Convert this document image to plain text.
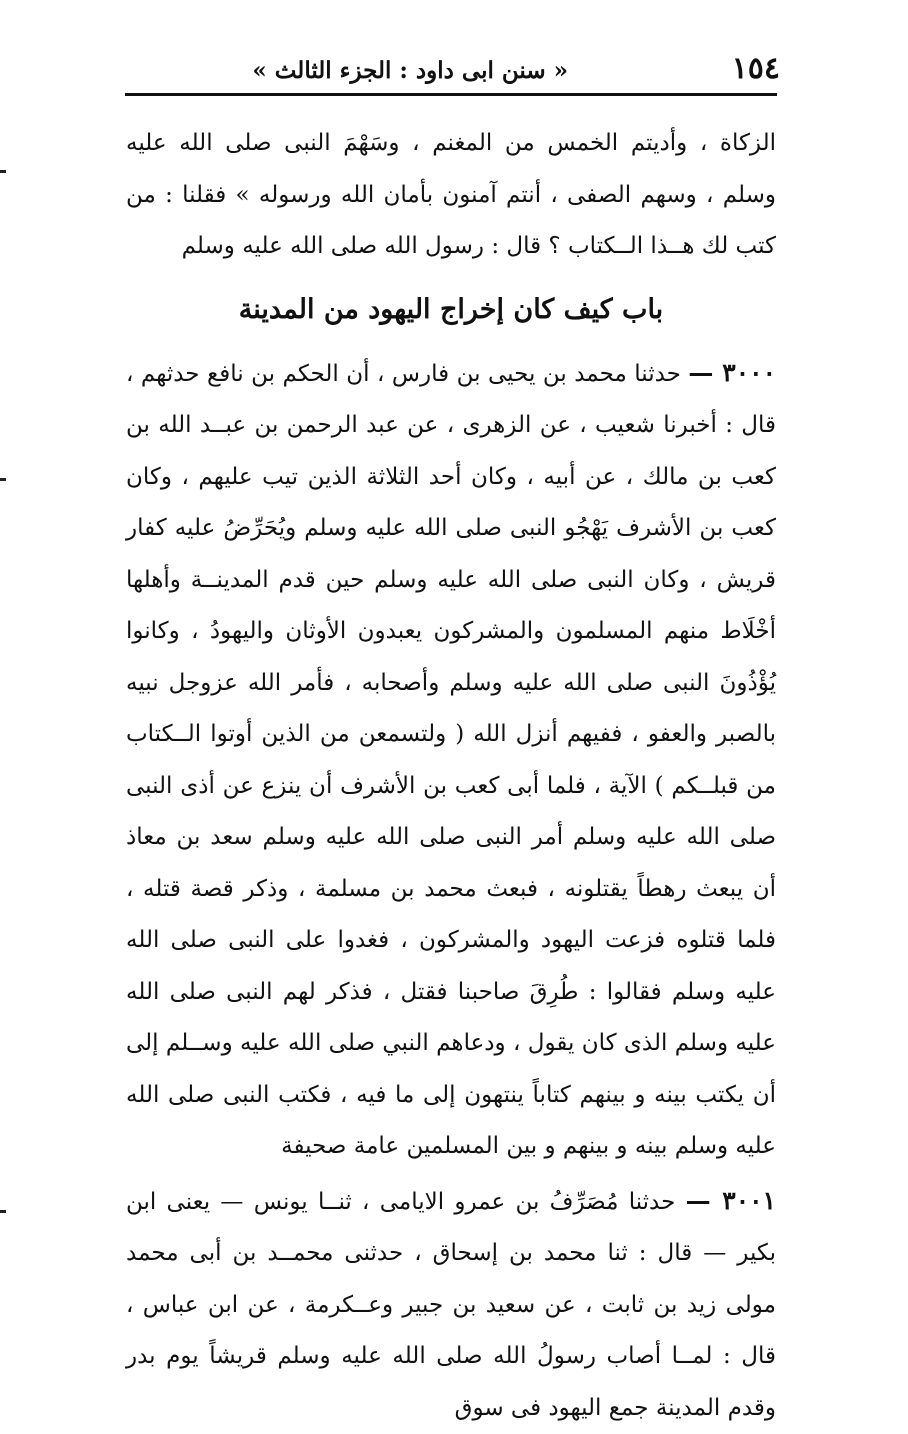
١٥٤
« سنن ابى داود : الجزء الثالث »

الزكاة ، وأديتم الخمس من المغنم ، وسَهْمَ النبى صلى الله عليه وسلم ، وسهم الصفى ، أنتم آمنون بأمان الله ورسوله » فقلنا : من كتب لك هــذا الــكتاب ؟ قال : رسول الله صلى الله عليه وسلم

باب كيف كان إخراج اليهود من المدينة

٣٠٠٠ — حدثنا محمد بن يحيى بن فارس ، أن الحكم بن نافع حدثهم ، قال : أخبرنا شعيب ، عن الزهرى ، عن عبد الرحمن بن عبــد الله بن كعب بن مالك ، عن أبيه ، وكان أحد الثلاثة الذين تيب عليهم ، وكان كعب بن الأشرف يَهْجُو النبى صلى الله عليه وسلم ويُحَرِّضُ عليه كفار قريش ، وكان النبى صلى الله عليه وسلم حين قدم المدينــة وأهلها أخْلَاط منهم المسلمون والمشركون يعبدون الأوثان واليهودُ ، وكانوا يُؤْذُونَ النبى صلى الله عليه وسلم وأصحابه ، فأمر الله عزوجل نبيه بالصبر والعفو ، ففيهم أنزل الله ( ولتسمعن من الذين أوتوا الــكتاب من قبلــكم ) الآية ، فلما أبى كعب بن الأشرف أن ينزع عن أذى النبى صلى الله عليه وسلم أمر النبى صلى الله عليه وسلم سعد بن معاذ أن يبعث رهطاً يقتلونه ، فبعث محمد بن مسلمة ، وذكر قصة قتله ، فلما قتلوه فزعت اليهود والمشركون ، فغدوا على النبى صلى الله عليه وسلم فقالوا : طُرِقَ صاحبنا فقتل ، فذكر لهم النبى صلى الله عليه وسلم الذى كان يقول ، ودعاهم النبي صلى الله عليه وســلم إلى أن يكتب بينه و بينهم كتاباً ينتهون إلى ما فيه ، فكتب النبى صلى الله عليه وسلم بينه و بينهم و بين المسلمين عامة صحيفة

٣٠٠١ — حدثنا مُصَرِّفُ بن عمرو الايامى ، ثنــا يونس — يعنى ابن بكير — قال : ثنا محمد بن إسحاق ، حدثنى محمــد بن أبى محمد مولى زيد بن ثابت ، عن سعيد بن جبير وعــكرمة ، عن ابن عباس ، قال : لمــا أصاب رسولُ الله صلى الله عليه وسلم قريشاً يوم بدر وقدم المدينة جمع اليهود فى سوق
